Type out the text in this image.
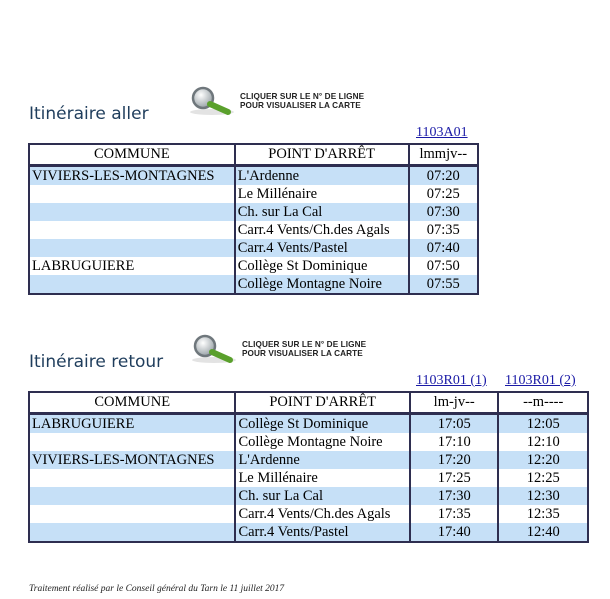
Itinéraire aller
CLIQUER SUR LE N° DE LIGNE
POUR VISUALISER LA CARTE
1103A01
COMMUNE	POINT D'ARRÊT	lmmjv--
VIVIERS-LES-MONTAGNES	L'Ardenne	07:20
	Le Millénaire	07:25
	Ch. sur La Cal	07:30
	Carr.4 Vents/Ch.des Agals	07:35
	Carr.4 Vents/Pastel	07:40
LABRUGUIERE	Collège St Dominique	07:50
	Collège Montagne Noire	07:55
Itinéraire retour
CLIQUER SUR LE N° DE LIGNE
POUR VISUALISER LA CARTE
1103R01 (1) 1103R01 (2)
COMMUNE	POINT D'ARRÊT	lm-jv--	--m----
LABRUGUIERE	Collège St Dominique	17:05	12:05
	Collège Montagne Noire	17:10	12:10
VIVIERS-LES-MONTAGNES	L'Ardenne	17:20	12:20
	Le Millénaire	17:25	12:25
	Ch. sur La Cal	17:30	12:30
	Carr.4 Vents/Ch.des Agals	17:35	12:35
	Carr.4 Vents/Pastel	17:40	12:40
Traitement réalisé par le Conseil général du Tarn le 11 juillet 2017
